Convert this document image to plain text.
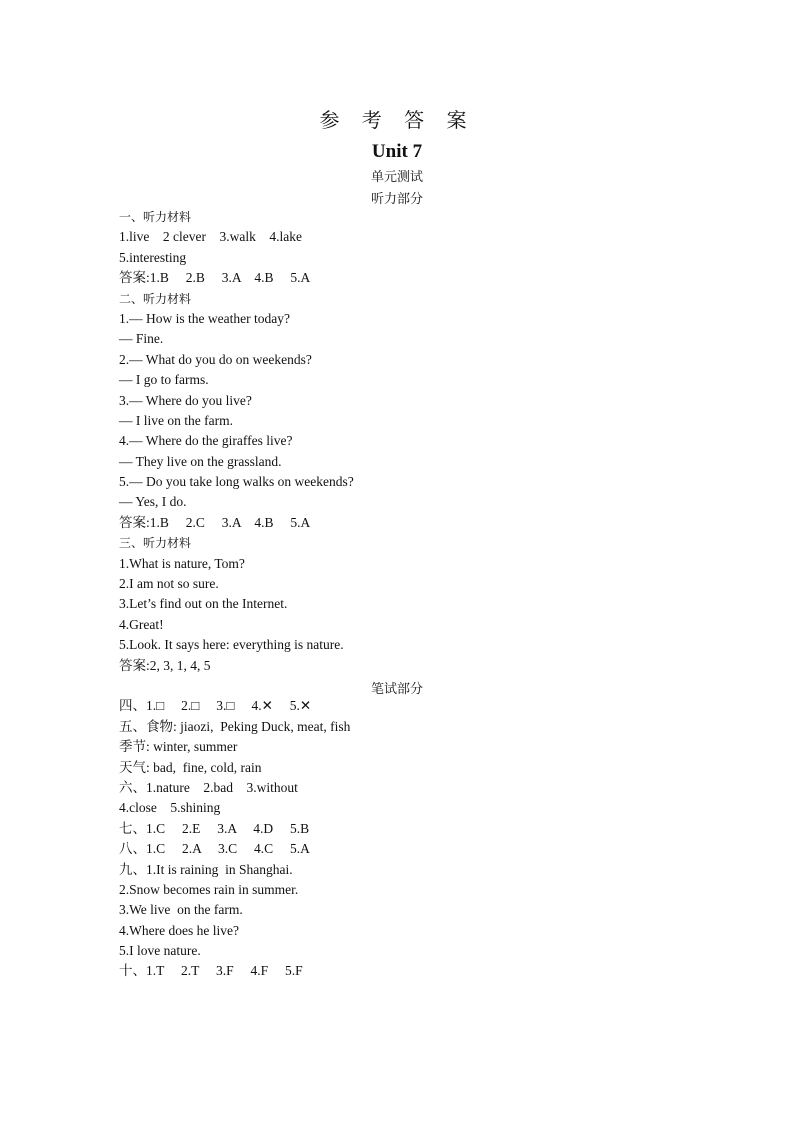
参 考 答 案
Unit 7
单元测试
听力部分
一、听力材料
1.live    2 clever    3.walk    4.lake
5.interesting
答案:1.B     2.B     3.A    4.B     5.A
二、听力材料
1.— How is the weather today?
— Fine.
2.— What do you do on weekends?
— I go to farms.
3.— Where do you live?
— I live on the farm.
4.— Where do the giraffes live?
— They live on the grassland.
5.— Do you take long walks on weekends?
— Yes, I do.
答案:1.B     2.C     3.A    4.B     5.A
三、听力材料
1.What is nature, Tom?
2.I am not so sure.
3.Let’s find out on the Internet.
4.Great!
5.Look. It says here: everything is nature.
答案:2, 3, 1, 4, 5
四、1.□     2.□     3.□     4.✕     5.✕
五、食物: jiaozi,  Peking Duck, meat, fish
季节: winter, summer
天气: bad,  fine, cold, rain
六、1.nature    2.bad    3.without
4.close    5.shining
七、1.C     2.E     3.A     4.D     5.B
八、1.C     2.A     3.C     4.C     5.A
九、1.It is raining  in Shanghai.
2.Snow becomes rain in summer.
3.We live  on the farm.
4.Where does he live?
5.I love nature.
十、1.T     2.T     3.F     4.F     5.F
笔试部分
